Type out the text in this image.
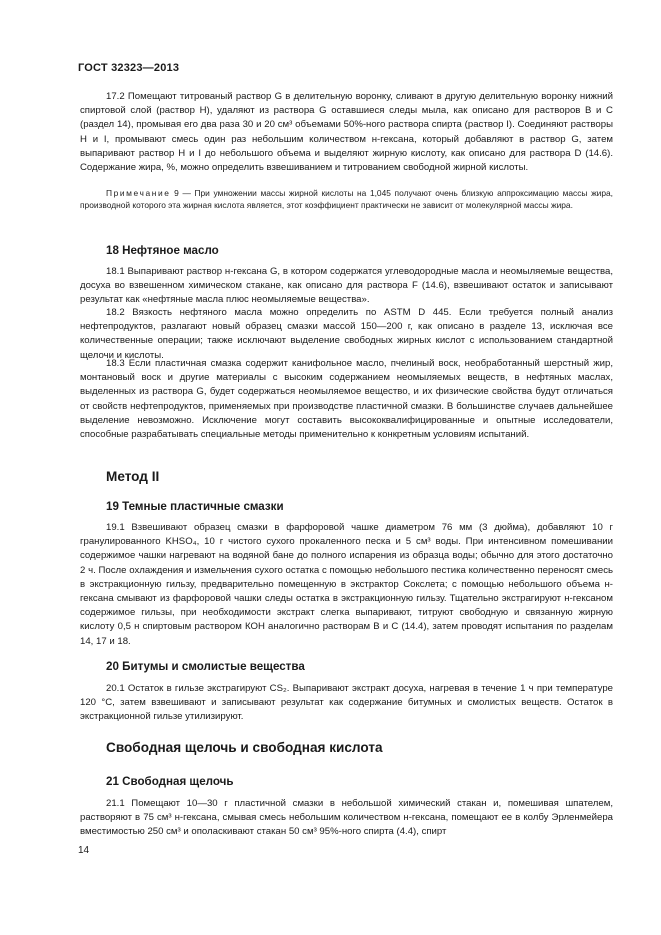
ГОСТ 32323—2013
17.2 Помещают титрованый раствор G в делительную воронку, сливают в другую делительную воронку нижний спиртовой слой (раствор H), удаляют из раствора G оставшиеся следы мыла, как описано для растворов В и С (раздел 14), промывая его два раза 30 и 20 см³ объемами 50%-ного раствора спирта (раствор I). Соединяют растворы Н и I, промывают смесь один раз небольшим количеством н-гексана, который добавляют в раствор G, затем выпаривают раствор Н и I до небольшого объема и выделяют жирную кислоту, как описано для раствора D (14.6). Содержание жира, %, можно определить взвешиванием и титрованием свободной жирной кислоты.
Примечание 9 — При умножении массы жирной кислоты на 1,045 получают очень близкую аппроксимацию массы жира, производной которого эта жирная кислота является, этот коэффициент практически не зависит от молекулярной массы жира.
18 Нефтяное масло
18.1 Выпаривают раствор н-гексана G, в котором содержатся углеводородные масла и неомыляемые вещества, досуха во взвешенном химическом стакане, как описано для раствора F (14.6), взвешивают остаток и записывают результат как «нефтяные масла плюс неомыляемые вещества».
18.2 Вязкость нефтяного масла можно определить по ASTM D 445. Если требуется полный анализ нефтепродуктов, разлагают новый образец смазки массой 150—200 г, как описано в разделе 13, исключая все количественные операции; также исключают выделение свободных жирных кислот с использованием стандартной щелочи и кислоты.
18.3 Если пластичная смазка содержит канифольное масло, пчелиный воск, необработанный шерстный жир, монтановый воск и другие материалы с высоким содержанием неомыляемых веществ, в нефтяных маслах, выделенных из раствора G, будет содержаться неомыляемое вещество, и их физические свойства будут отличаться от свойств нефтепродуктов, применяемых при производстве пластичной смазки. В большинстве случаев дальнейшее выделение невозможно. Исключение могут составить высококвалифицированные и опытные исследователи, способные разрабатывать специальные методы применительно к конкретным условиям испытаний.
Метод II
19 Темные пластичные смазки
19.1 Взвешивают образец смазки в фарфоровой чашке диаметром 76 мм (3 дюйма), добавляют 10 г гранулированного KHSO₄, 10 г чистого сухого прокаленного песка и 5 см³ воды. При интенсивном помешивании содержимое чашки нагревают на водяной бане до полного испарения из образца воды; обычно для этого достаточно 2 ч. После охлаждения и измельчения сухого остатка с помощью небольшого пестика количественно переносят смесь в экстракционную гильзу, предварительно помещенную в экстрактор Сокслета; с помощью небольшого объема н-гексана смывают из фарфоровой чашки следы остатка в экстракционную гильзу. Тщательно экстрагируют н-гексаном содержимое гильзы, при необходимости экстракт слегка выпаривают, титруют свободную и связанную жирную кислоту 0,5 н спиртовым раствором КОН аналогично растворам В и С (14.4), затем проводят испытания по разделам 14, 17 и 18.
20 Битумы и смолистые вещества
20.1 Остаток в гильзе экстрагируют CS₂. Выпаривают экстракт досуха, нагревая в течение 1 ч при температуре 120 °С, затем взвешивают и записывают результат как содержание битумных и смолистых веществ. Остаток в экстракционной гильзе утилизируют.
Свободная щелочь и свободная кислота
21 Свободная щелочь
21.1 Помещают 10—30 г пластичной смазки в небольшой химический стакан и, помешивая шпателем, растворяют в 75 см³ н-гексана, смывая смесь небольшим количеством н-гексана, помещают ее в колбу Эрленмейера вместимостью 250 см³ и ополаскивают стакан 50 см³ 95%-ного спирта (4.4), спирт
14
